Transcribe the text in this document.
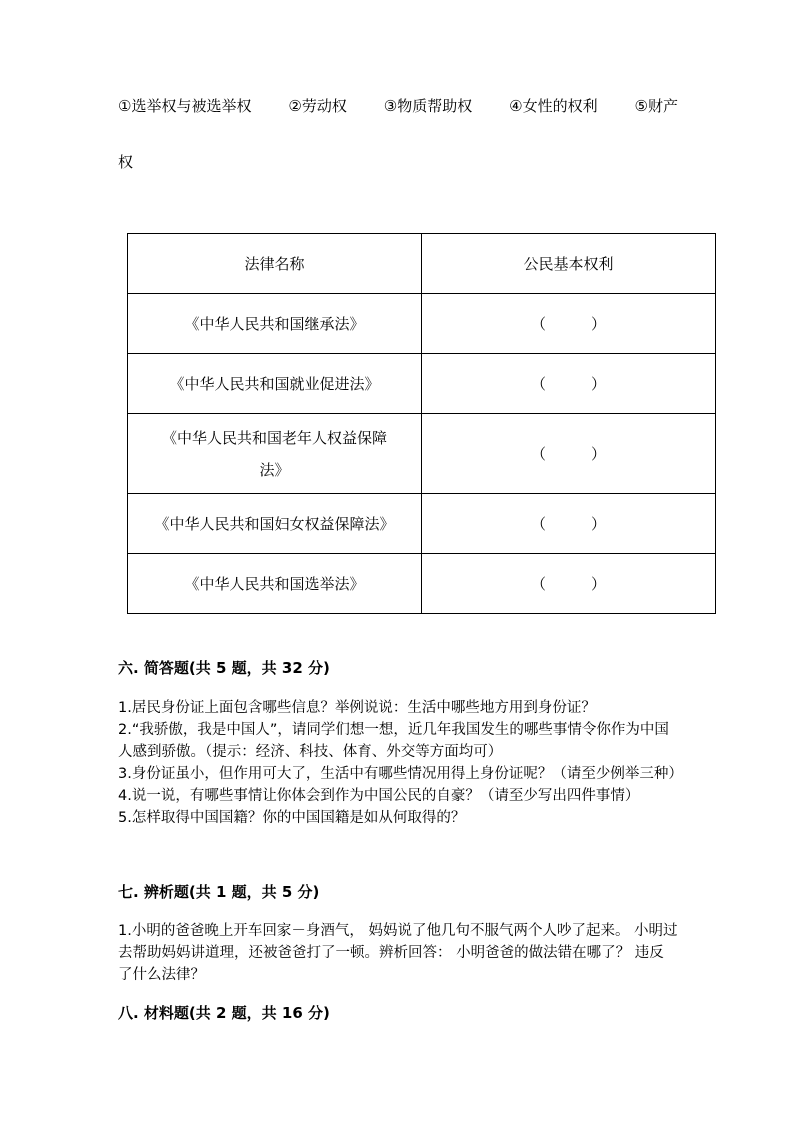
①选举权与被选举权 ②劳动权 ③物质帮助权 ④女性的权利 ⑤财产
权
法律名称	公民基本权利
《中华人民共和国继承法》	（　　　）
《中华人民共和国就业促进法》	（　　　）
《中华人民共和国老年人权益保障
法》	（　　　）
《中华人民共和国妇女权益保障法》	（　　　）
《中华人民共和国选举法》	（　　　）
六. 简答题(共 5 题，共 32 分)

1.居民身份证上面包含哪些信息？举例说说：生活中哪些地方用到身份证？

2.“我骄傲，我是中国人”，请同学们想一想，近几年我国发生的哪些事情令你作为中国人感到骄傲。（提示：经济、科技、体育、外交等方面均可）

3.身份证虽小，但作用可大了，生活中有哪些情况用得上身份证呢？（请至少例举三种）

4.说一说，有哪些事情让你体会到作为中国公民的自豪？（请至少写出四件事情）

5.怎样取得中国国籍？你的中国国籍是如从何取得的？

七. 辨析题(共 1 题，共 5 分)

1.小明的爸爸晚上开车回家－身酒气， 妈妈说了他几句不服气两个人吵了起来。 小明过去帮助妈妈讲道理，还被爸爸打了一顿。辨析回答： 小明爸爸的做法错在哪了？ 违反了什么法律？

八. 材料题(共 2 题，共 16 分)
